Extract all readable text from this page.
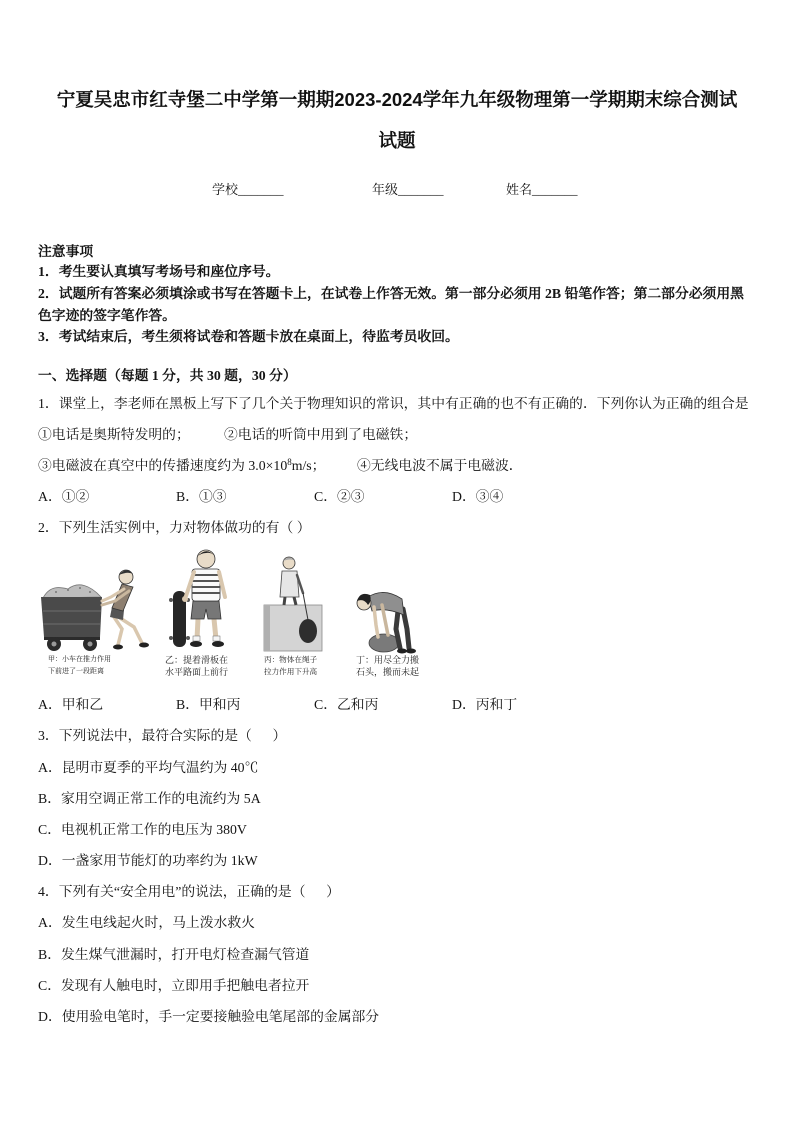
宁夏吴忠市红寺堡二中学第一期期2023-2024学年九年级物理第一学期期末综合测试
试题
学校_______	年级_______	姓名_______
注意事项
1．考生要认真填写考场号和座位序号。
2．试题所有答案必须填涂或书写在答题卡上，在试卷上作答无效。第一部分必须用 2B 铅笔作答；第二部分必须用黑色字迹的签字笔作答。
3．考试结束后，考生须将试卷和答题卡放在桌面上，待监考员收回。
一、选择题（每题 1 分，共 30 题，30 分）
1．课堂上，李老师在黑板上写下了几个关于物理知识的常识，其中有正确的也不有正确的．下列你认为正确的组合是
①电话是奥斯特发明的； ②电话的听筒中用到了电磁铁；
③电磁波在真空中的传播速度约为 $3.0\times 10^8m/s$； ④无线电波不属于电磁波．
A．①②	B．①③	C．②③	D．③④
2．下列生活实例中，力对物体做功的有（ ）
甲：小车在推力作用
下前进了一段距离
乙：提着滑板在
水平路面上前行
丙：物体在绳子
拉力作用下升高
丁：用尽全力搬
石头，搬而未起
A．甲和乙	B．甲和丙	C．乙和丙	D．丙和丁
3．下列说法中，最符合实际的是（      ）
A．昆明市夏季的平均气温约为 40℃
B．家用空调正常工作的电流约为 5A
C．电视机正常工作的电压为 380V
D．一盏家用节能灯的功率约为 1kW
4．下列有关“安全用电”的说法，正确的是（      ）
A．发生电线起火时，马上泼水救火
B．发生煤气泄漏时，打开电灯检查漏气管道
C．发现有人触电时，立即用手把触电者拉开
D．使用验电笔时，手一定要接触验电笔尾部的金属部分
